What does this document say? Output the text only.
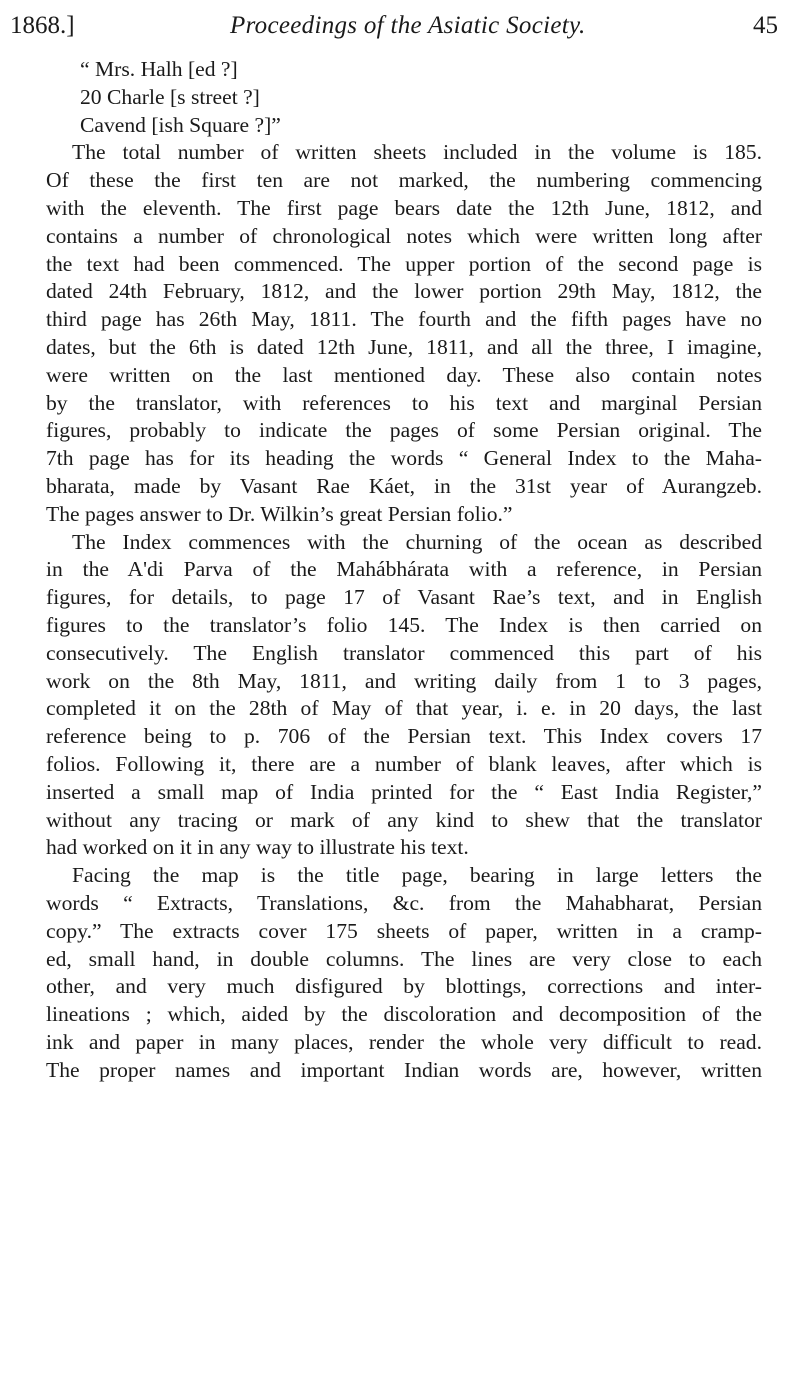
1868.]	Proceedings of the Asiatic Society.	45
“ Mrs. Halh [ed ?]
20 Charle [s street ?]
Cavend [ish Square ?]”
The total number of written sheets included in the volume is 185.
Of these the first ten are not marked, the numbering commencing
with the eleventh. The first page bears date the 12th June, 1812, and
contains a number of chronological notes which were written long after
the text had been commenced. The upper portion of the second page is
dated 24th February, 1812, and the lower portion 29th May, 1812, the
third page has 26th May, 1811. The fourth and the fifth pages have no
dates, but the 6th is dated 12th June, 1811, and all the three, I imagine,
were written on the last mentioned day. These also contain notes
by the translator, with references to his text and marginal Persian
figures, probably to indicate the pages of some Persian original. The
7th page has for its heading the words “ General Index to the Maha-
bharata, made by Vasant Rae Káet, in the 31st year of Aurangzeb.
The pages answer to Dr. Wilkin’s great Persian folio.”
The Index commences with the churning of the ocean as described
in the A'di Parva of the Mahábhárata with a reference, in Persian
figures, for details, to page 17 of Vasant Rae’s text, and in English
figures to the translator’s folio 145. The Index is then carried on
consecutively. The English translator commenced this part of his
work on the 8th May, 1811, and writing daily from 1 to 3 pages,
completed it on the 28th of May of that year, i. e. in 20 days, the last
reference being to p. 706 of the Persian text. This Index covers 17
folios. Following it, there are a number of blank leaves, after which is
inserted a small map of India printed for the “ East India Register,”
without any tracing or mark of any kind to shew that the translator
had worked on it in any way to illustrate his text.
Facing the map is the title page, bearing in large letters the
words “ Extracts, Translations, &c. from the Mahabharat, Persian
copy.” The extracts cover 175 sheets of paper, written in a cramp-
ed, small hand, in double columns. The lines are very close to each
other, and very much disfigured by blottings, corrections and inter-
lineations ; which, aided by the discoloration and decomposition of the
ink and paper in many places, render the whole very difficult to read.
The proper names and important Indian words are, however, written
